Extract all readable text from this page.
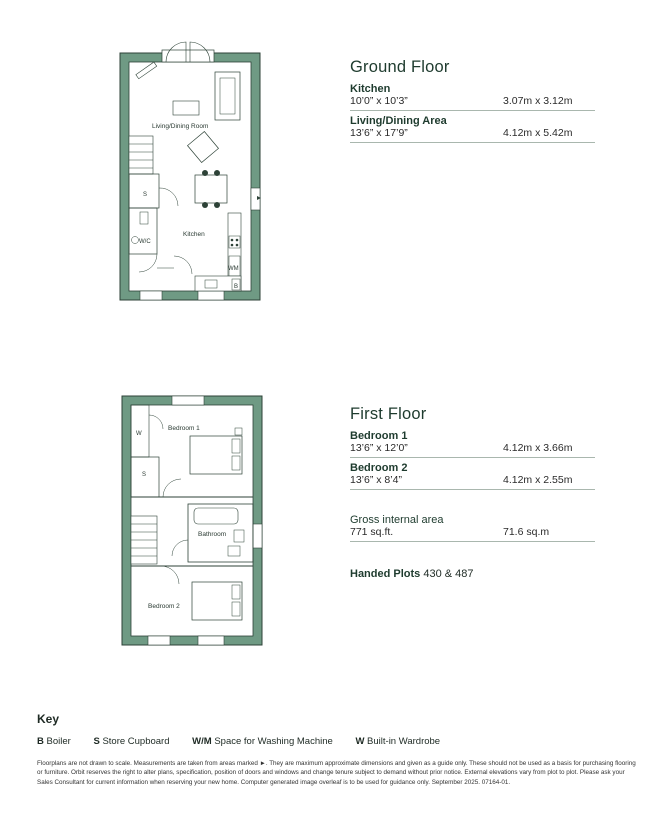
Living/Dining Room
Kitchen
W/C
S
WM
B
Bedroom 1
Bedroom 2
Bathroom
W
S
Ground Floor
Kitchen
10’0” x 10’3”	3.07m x 3.12m
Living/Dining Area
13’6” x 17’9”	4.12m x 5.42m
First Floor
Bedroom 1
13’6” x 12’0”	4.12m x 3.66m
Bedroom 2
13’6” x 8’4”	4.12m x 2.55m
Gross internal area
771 sq.ft.	71.6 sq.m
Handed Plots 430 & 487
Key
B Boiler S Store Cupboard W/M Space for Washing Machine W Built-in Wardrobe
Floorplans are not drawn to scale. Measurements are taken from areas marked ►. They are maximum approximate dimensions and given as a guide only. These should not be used as a basis for purchasing flooring or furniture. Orbit reserves the right to alter plans, specification, position of doors and windows and change tenure subject to demand without prior notice. External elevations vary from plot to plot. Please ask your Sales Consultant for current information when reserving your new home. Computer generated image overleaf is to be used for guidance only. September 2025. 07164-01.
